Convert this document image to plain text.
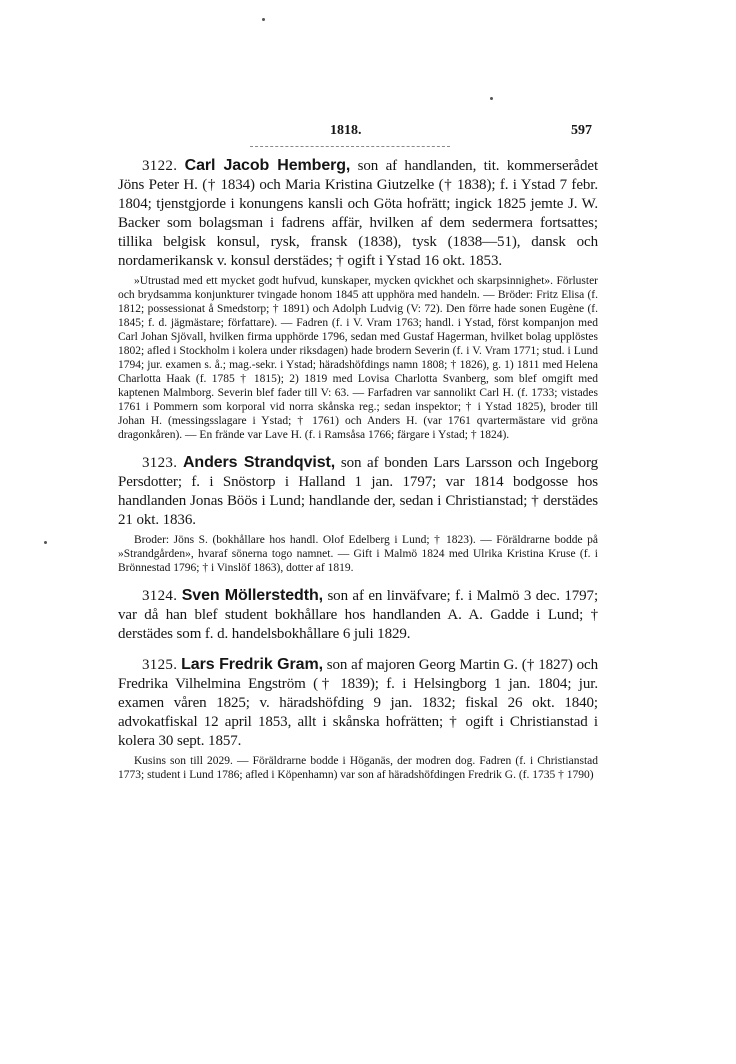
1818.	597

3122. Carl Jacob Hemberg, son af handlanden, tit. kommerserådet Jöns Peter H. († 1834) och Maria Kristina Giutzelke († 1838); f. i Ystad 7 febr. 1804; tjenstgjorde i konungens kansli och Göta hofrätt; ingick 1825 jemte J. W. Backer som bolagsman i fadrens affär, hvilken af dem sedermera fortsattes; tillika belgisk konsul, rysk, fransk (1838), tysk (1838—51), dansk och nordamerikansk v. konsul derstädes; † ogift i Ystad 16 okt. 1853.

»Utrustad med ett mycket godt hufvud, kunskaper, mycken qvickhet och skarpsinnighet». Förluster och brydsamma konjunkturer tvingade honom 1845 att upphöra med handeln. — Bröder: Fritz Elisa (f. 1812; possessionat å Smedstorp; † 1891) och Adolph Ludvig (V: 72). Den förre hade sonen Eugène (f. 1845; f. d. jägmästare; författare). — Fadren (f. i V. Vram 1763; handl. i Ystad, först kompanjon med Carl Johan Sjövall, hvilken firma upphörde 1796, sedan med Gustaf Hagerman, hvilket bolag upplöstes 1802; afled i Stockholm i kolera under riksdagen) hade brodern Severin (f. i V. Vram 1771; stud. i Lund 1794; jur. examen s. å.; mag.-sekr. i Ystad; häradshöfdings namn 1808; † 1826), g. 1) 1811 med Helena Charlotta Haak (f. 1785 † 1815); 2) 1819 med Lovisa Charlotta Svanberg, som blef omgift med kaptenen Malmborg. Severin blef fader till V: 63. — Farfadren var sannolikt Carl H. (f. 1733; vistades 1761 i Pommern som korporal vid norra skånska reg.; sedan inspektor; † i Ystad 1825), broder till Johan H. (messingsslagare i Ystad; † 1761) och Anders H. (var 1761 qvartermästare vid gröna dragonkåren). — En frände var Lave H. (f. i Ramsåsa 1766; färgare i Ystad; † 1824).

3123. Anders Strandqvist, son af bonden Lars Larsson och Ingeborg Persdotter; f. i Snöstorp i Halland 1 jan. 1797; var 1814 bodgosse hos handlanden Jonas Böös i Lund; handlande der, sedan i Christianstad; † derstädes 21 okt. 1836.

Broder: Jöns S. (bokhållare hos handl. Olof Edelberg i Lund; † 1823). — Föräldrarne bodde på »Strandgården», hvaraf sönerna togo namnet. — Gift i Malmö 1824 med Ulrika Kristina Kruse (f. i Brönnestad 1796; † i Vinslöf 1863), dotter af 1819.

3124. Sven Möllerstedth, son af en linväfvare; f. i Malmö 3 dec. 1797; var då han blef student bokhållare hos handlanden A. A. Gadde i Lund; † derstädes som f. d. handelsbokhållare 6 juli 1829.

3125. Lars Fredrik Gram, son af majoren Georg Martin G. († 1827) och Fredrika Vilhelmina Engström († 1839); f. i Helsingborg 1 jan. 1804; jur. examen våren 1825; v. häradshöfding 9 jan. 1832; fiskal 26 okt. 1840; advokatfiskal 12 april 1853, allt i skånska hofrätten; † ogift i Christianstad i kolera 30 sept. 1857.

Kusins son till 2029. — Föräldrarne bodde i Höganäs, der modren dog. Fadren (f. i Christianstad 1773; student i Lund 1786; afled i Köpenhamn) var son af häradshöfdingen Fredrik G. (f. 1735 † 1790)
